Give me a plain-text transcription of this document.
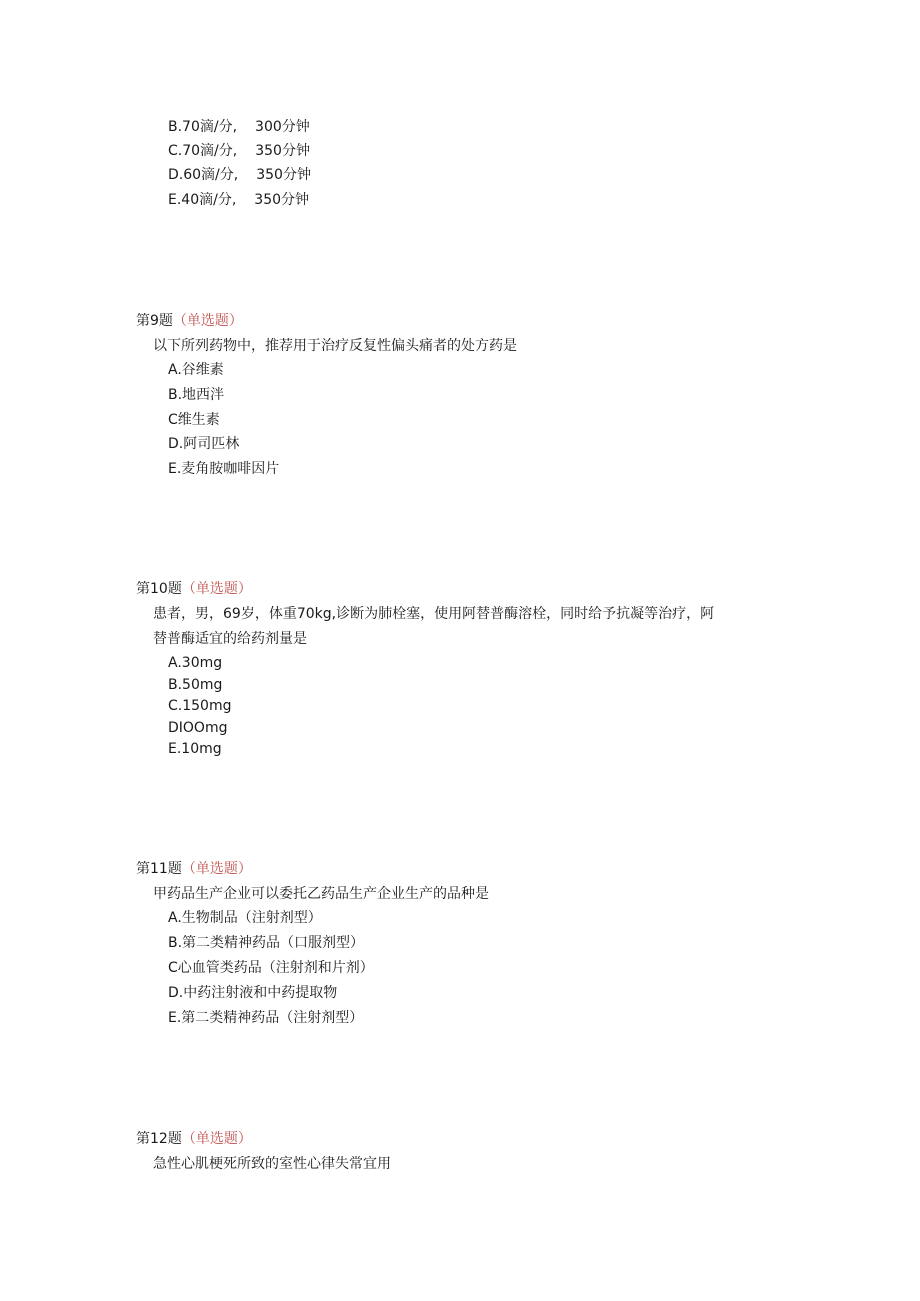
B.70滴/分, 300分钟
C.70滴/分, 350分钟
D.60滴/分, 350分钟
E.40滴/分, 350分钟
第9题（单选题）
以下所列药物中，推荐用于治疗反复性偏头痛者的处方药是
A.谷维素
B.地西泮
C维生素
D.阿司匹林
E.麦角胺咖啡因片
第10题（单选题）
患者，男，69岁，体重70kg,诊断为肺栓塞，使用阿替普酶溶栓，同时给予抗凝等治疗，阿
替普酶适宜的给药剂量是
A.30mg
B.50mg
C.150mg
DIOOmg
E.10mg
第11题（单选题）
甲药品生产企业可以委托乙药品生产企业生产的品种是
A.生物制品（注射剂型）
B.第二类精神药品（口服剂型）
C心血管类药品（注射剂和片剂）
D.中药注射液和中药提取物
E.第二类精神药品（注射剂型）
第12题（单选题）
急性心肌梗死所致的室性心律失常宜用
